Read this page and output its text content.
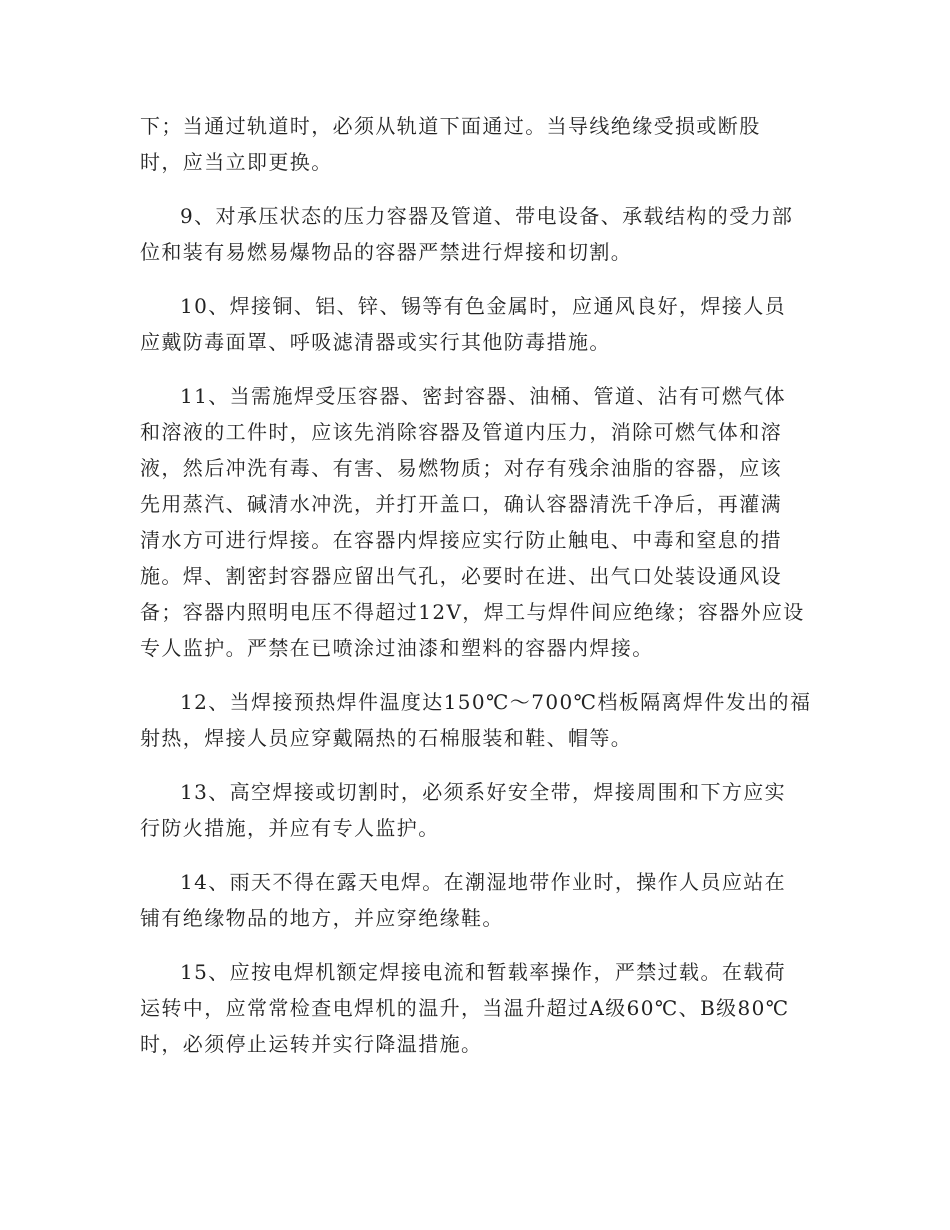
下；当通过轨道时，必须从轨道下面通过。当导线绝缘受损或断股
时，应当立即更换。

9、对承压状态的压力容器及管道、带电设备、承载结构的受力部
位和装有易燃易爆物品的容器严禁进行焊接和切割。

10、焊接铜、铝、锌、锡等有色金属时，应通风良好，焊接人员
应戴防毒面罩、呼吸滤清器或实行其他防毒措施。

11、当需施焊受压容器、密封容器、油桶、管道、沾有可燃气体
和溶液的工件时，应该先消除容器及管道内压力，消除可燃气体和溶
液，然后冲洗有毒、有害、易燃物质；对存有残余油脂的容器，应该
先用蒸汽、碱清水冲洗，并打开盖口，确认容器清洗千净后，再灌满
清水方可进行焊接。在容器内焊接应实行防止触电、中毒和窒息的措
施。焊、割密封容器应留出气孔，必要时在进、出气口处装设通风设
备；容器内照明电压不得超过12V，焊工与焊件间应绝缘；容器外应设
专人监护。严禁在已喷涂过油漆和塑料的容器内焊接。

12、当焊接预热焊件温度达150℃～700℃档板隔离焊件发出的福
射热，焊接人员应穿戴隔热的石棉服装和鞋、帽等。

13、高空焊接或切割时，必须系好安全带，焊接周围和下方应实
行防火措施，并应有专人监护。

14、雨天不得在露天电焊。在潮湿地带作业时，操作人员应站在
铺有绝缘物品的地方，并应穿绝缘鞋。

15、应按电焊机额定焊接电流和暂载率操作，严禁过载。在载荷
运转中，应常常检查电焊机的温升，当温升超过A级60℃、B级80℃
时，必须停止运转并实行降温措施。
